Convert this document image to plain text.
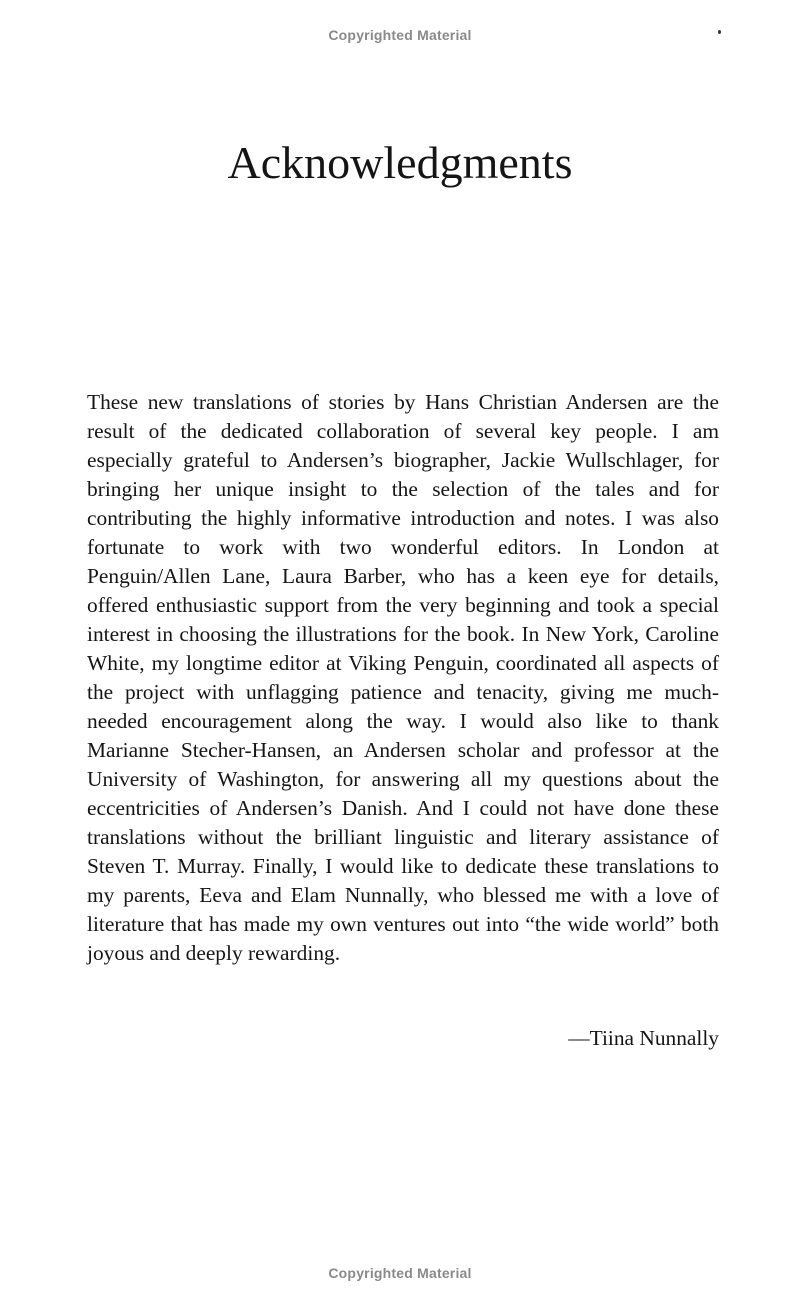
Copyrighted Material
Acknowledgments

These new translations of stories by Hans Christian Andersen are the result of the dedicated collaboration of several key people. I am especially grateful to Andersen’s biographer, Jackie Wullschlager, for bringing her unique insight to the selection of the tales and for contributing the highly informative introduction and notes. I was also fortunate to work with two wonderful editors. In London at Penguin/Allen Lane, Laura Barber, who has a keen eye for details, offered enthusiastic support from the very beginning and took a special interest in choosing the illustrations for the book. In New York, Caroline White, my longtime editor at Viking Penguin, coordinated all aspects of the project with unflagging patience and tenacity, giving me much-needed encouragement along the way. I would also like to thank Marianne Stecher-Hansen, an Andersen scholar and professor at the University of Washington, for answering all my questions about the eccentricities of Andersen’s Danish. And I could not have done these translations without the brilliant linguistic and literary assistance of Steven T. Murray. Finally, I would like to dedicate these translations to my parents, Eeva and Elam Nunnally, who blessed me with a love of literature that has made my own ventures out into “the wide world” both joyous and deeply rewarding.

—Tiina Nunnally

Copyrighted Material
